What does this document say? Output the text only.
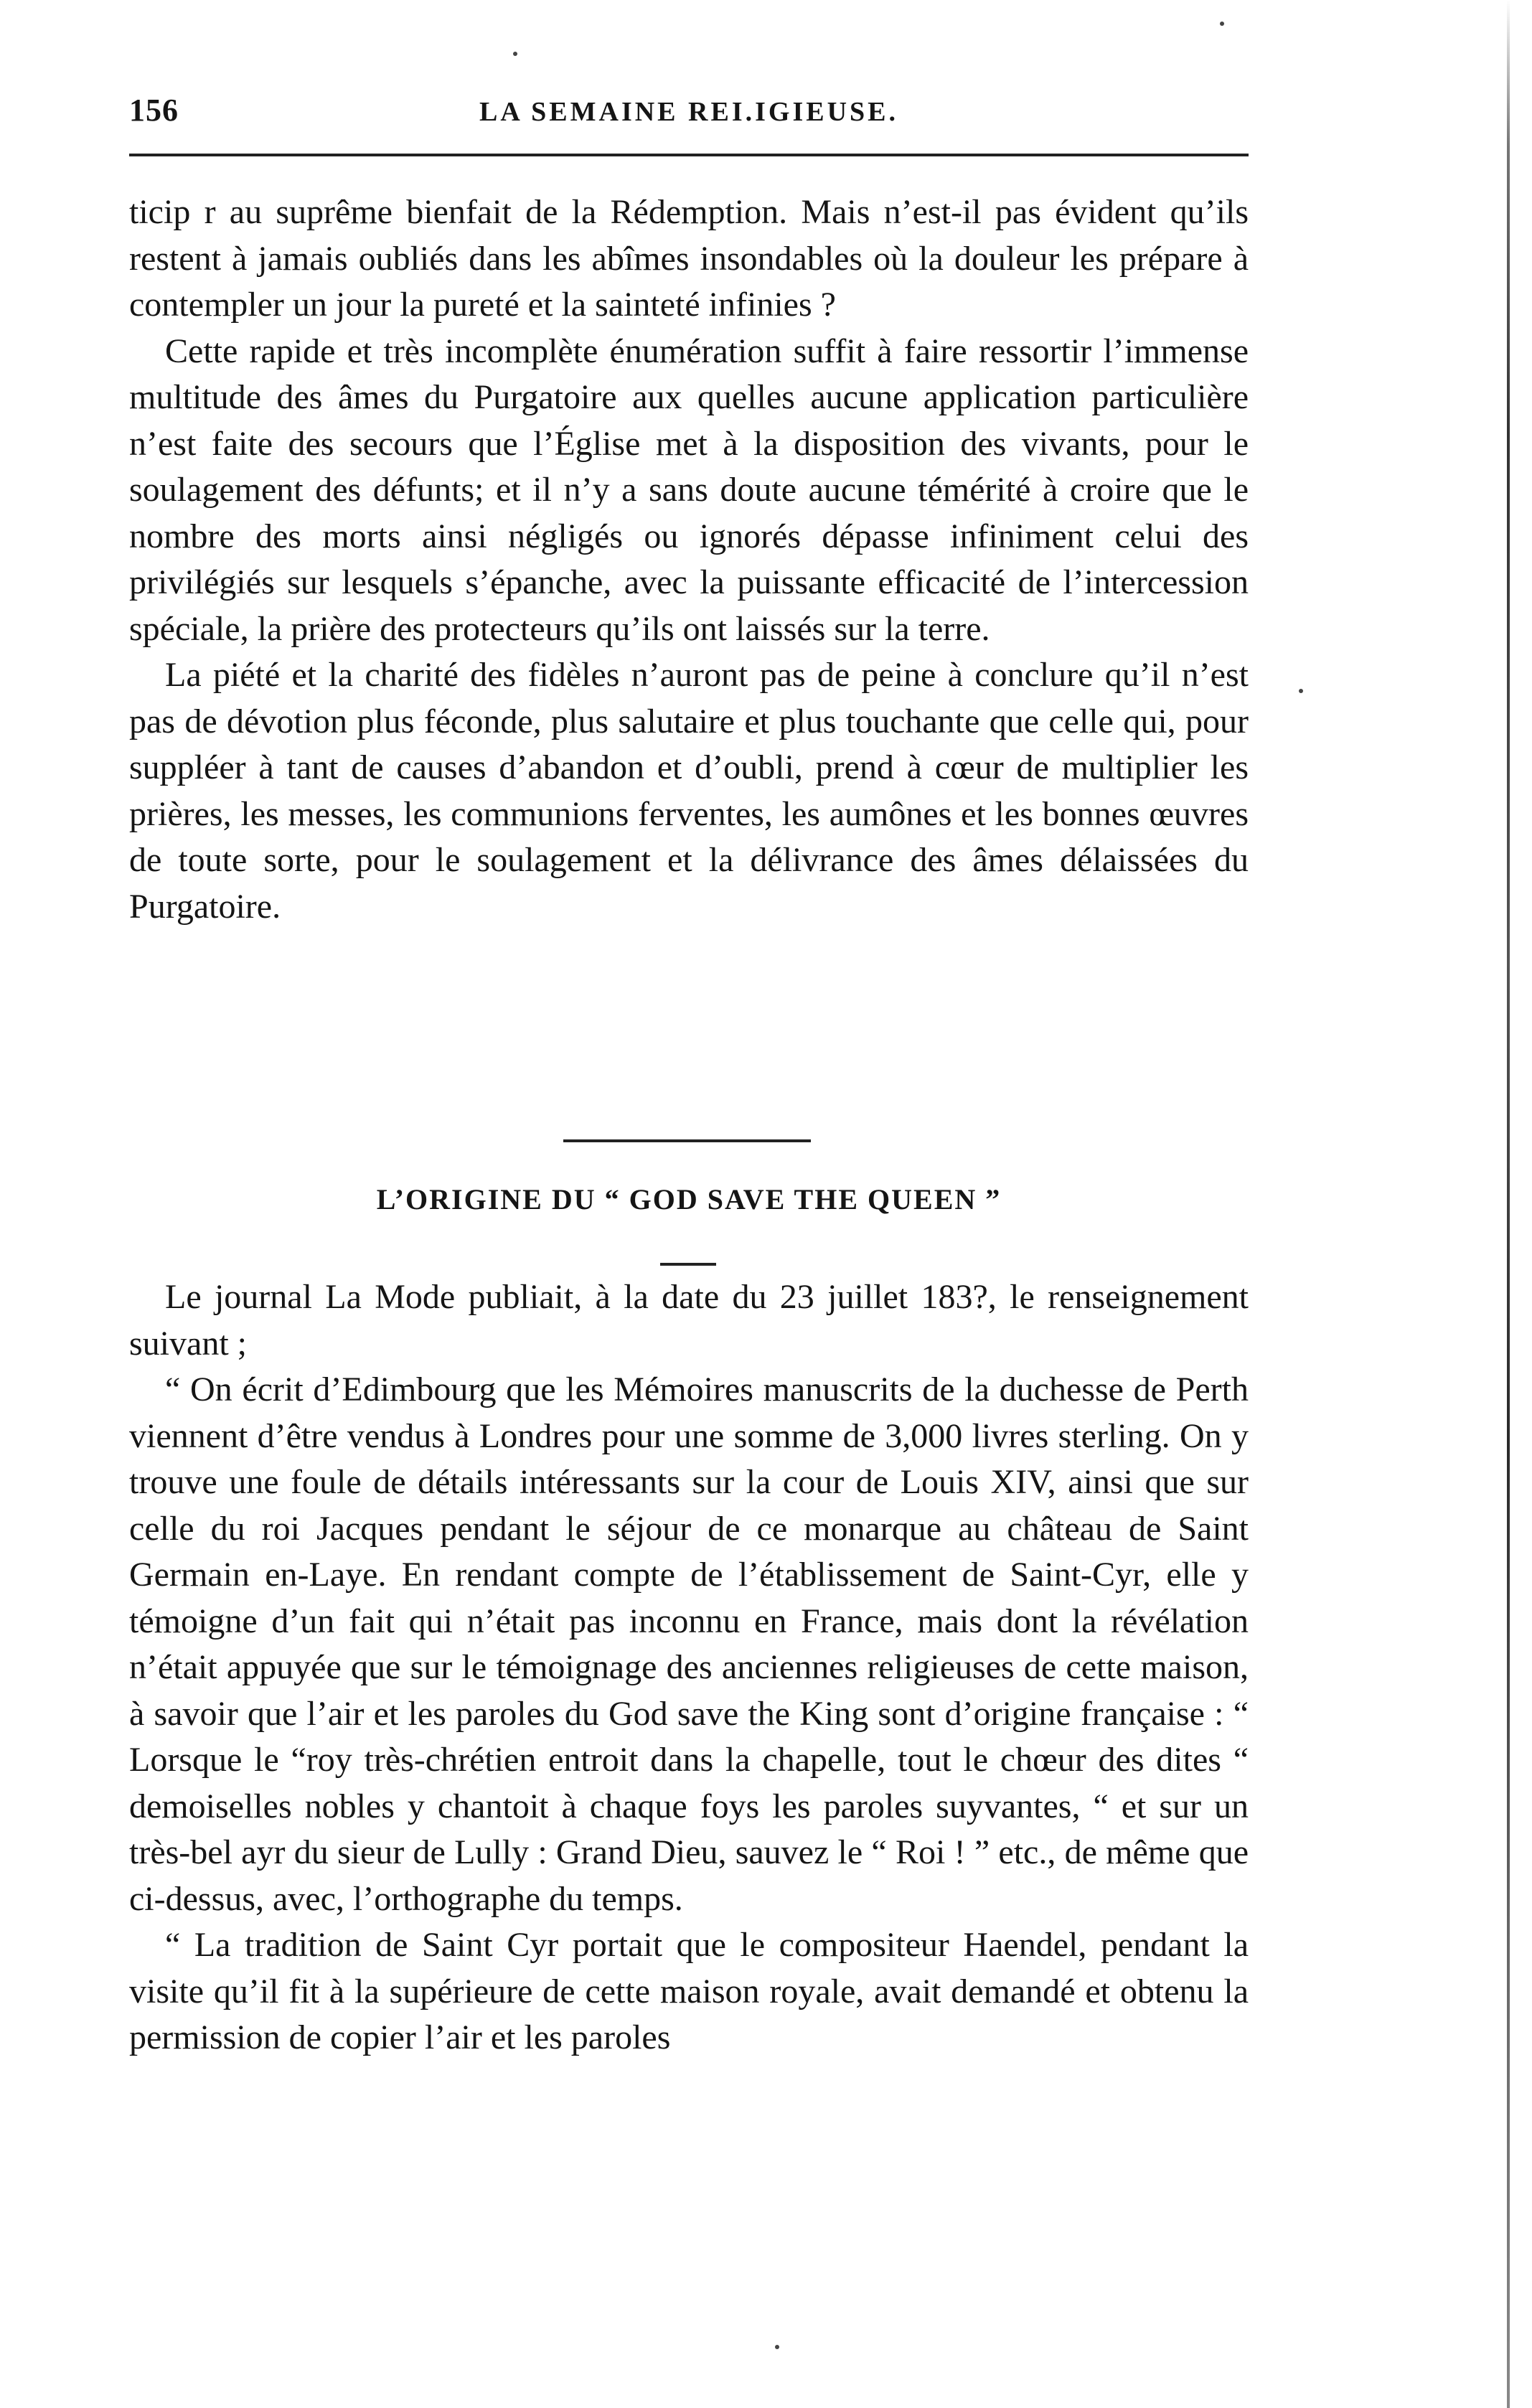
156	LA SEMAINE REI.IGIEUSE.

ticip r au suprême bienfait de la Rédemption. Mais n’est-il pas évident qu’ils restent à jamais oubliés dans les abîmes insondables où la douleur les prépare à contempler un jour la pureté et la sainteté infinies ?

Cette rapide et très incomplète énumération suffit à faire ressortir l’immense multitude des âmes du Purgatoire aux quelles aucune application particulière n’est faite des secours que l’Église met à la disposition des vivants, pour le soulagement des défunts; et il n’y a sans doute aucune témérité à croire que le nombre des morts ainsi négligés ou ignorés dépasse infiniment celui des privilégiés sur lesquels s’épanche, avec la puissante efficacité de l’intercession spéciale, la prière des protecteurs qu’ils ont laissés sur la terre.

La piété et la charité des fidèles n’auront pas de peine à conclure qu’il n’est pas de dévotion plus féconde, plus salutaire et plus touchante que celle qui, pour suppléer à tant de causes d’abandon et d’oubli, prend à cœur de multiplier les prières, les messes, les communions ferventes, les aumônes et les bonnes œuvres de toute sorte, pour le soulagement et la délivrance des âmes délaissées du Purgatoire.

L’ORIGINE DU “ GOD SAVE THE QUEEN ”

Le journal La Mode publiait, à la date du 23 juillet 183?, le renseignement suivant ;

“ On écrit d’Edimbourg que les Mémoires manuscrits de la duchesse de Perth viennent d’être vendus à Londres pour une somme de 3,000 livres sterling. On y trouve une foule de détails intéressants sur la cour de Louis XIV, ainsi que sur celle du roi Jacques pendant le séjour de ce monarque au château de Saint Germain en-Laye. En rendant compte de l’établissement de Saint-Cyr, elle y témoigne d’un fait qui n’était pas inconnu en France, mais dont la révélation n’était appuyée que sur le témoignage des anciennes religieuses de cette maison, à savoir que l’air et les paroles du God save the King sont d’origine française : “ Lorsque le “roy très-chrétien entroit dans la chapelle, tout le chœur des dites “ demoiselles nobles y chantoit à chaque foys les paroles suyvantes, “ et sur un très-bel ayr du sieur de Lully : Grand Dieu, sauvez le “ Roi ! ” etc., de même que ci-dessus, avec, l’orthographe du temps.

“ La tradition de Saint Cyr portait que le compositeur Haendel, pendant la visite qu’il fit à la supérieure de cette maison royale, avait demandé et obtenu la permission de copier l’air et les paroles
